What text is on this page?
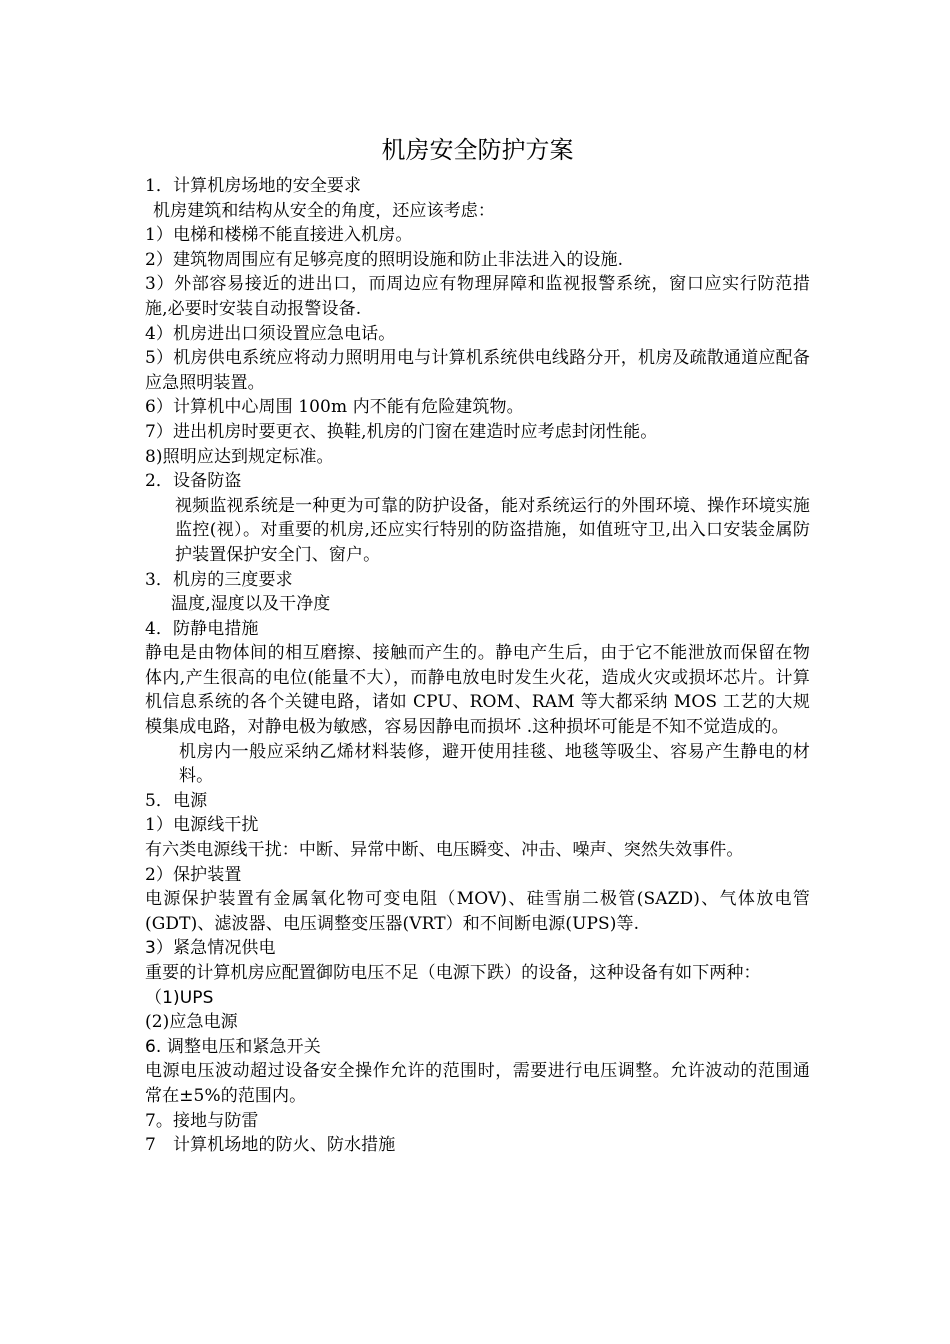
机房安全防护方案

1．计算机房场地的安全要求

机房建筑和结构从安全的角度，还应该考虑：

1）电梯和楼梯不能直接进入机房。

2）建筑物周围应有足够亮度的照明设施和防止非法进入的设施.

3）外部容易接近的进出口，而周边应有物理屏障和监视报警系统，窗口应实行防范措施,必要时安装自动报警设备.

4）机房进出口须设置应急电话。

5）机房供电系统应将动力照明用电与计算机系统供电线路分开，机房及疏散通道应配备应急照明装置。

6）计算机中心周围 100m 内不能有危险建筑物。

7）进出机房时要更衣、换鞋,机房的门窗在建造时应考虑封闭性能。

8)照明应达到规定标准。

2．设备防盗

视频监视系统是一种更为可靠的防护设备，能对系统运行的外围环境、操作环境实施监控(视）。对重要的机房,还应实行特别的防盗措施，如值班守卫,出入口安装金属防护装置保护安全门、窗户。

3．机房的三度要求

温度,湿度以及干净度

4．防静电措施

静电是由物体间的相互磨擦、接触而产生的。静电产生后，由于它不能泄放而保留在物体内,产生很高的电位(能量不大），而静电放电时发生火花，造成火灾或损坏芯片。计算机信息系统的各个关键电路，诸如 CPU、ROM、RAM 等大都采纳 MOS 工艺的大规模集成电路，对静电极为敏感，容易因静电而损坏 .这种损坏可能是不知不觉造成的。

机房内一般应采纳乙烯材料装修，避开使用挂毯、地毯等吸尘、容易产生静电的材料。

5．电源

1）电源线干扰

有六类电源线干扰：中断、异常中断、电压瞬变、冲击、噪声、突然失效事件。

2）保护装置

电源保护装置有金属氧化物可变电阻（MOV)、硅雪崩二极管(SAZD)、气体放电管(GDT)、滤波器、电压调整变压器(VRT）和不间断电源(UPS)等.

3）紧急情况供电

重要的计算机房应配置御防电压不足（电源下跌）的设备，这种设备有如下两种：

（1)UPS

(2)应急电源

6. 调整电压和紧急开关

电源电压波动超过设备安全操作允许的范围时，需要进行电压调整。允许波动的范围通常在±5%的范围内。

7。接地与防雷

7　计算机场地的防火、防水措施
